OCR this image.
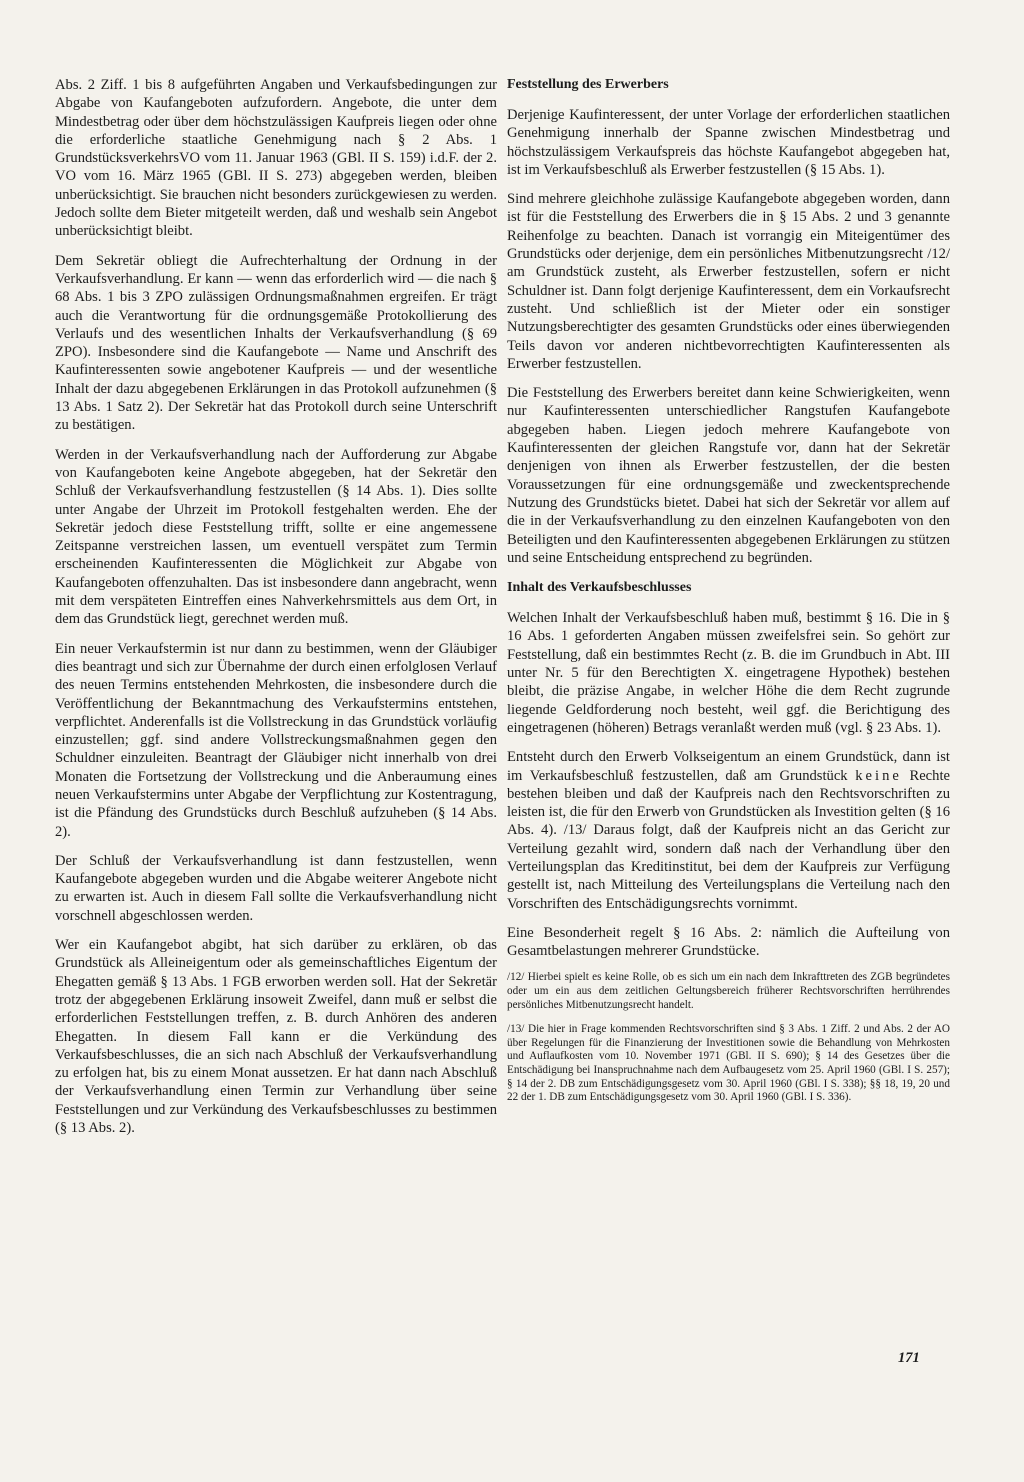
Abs. 2 Ziff. 1 bis 8 aufgeführten Angaben und Verkaufsbedingungen zur Abgabe von Kaufangeboten aufzufordern. Angebote, die unter dem Mindestbetrag oder über dem höchstzulässigen Kaufpreis liegen oder ohne die erforderliche staatliche Genehmigung nach § 2 Abs. 1 GrundstücksverkehrsVO vom 11. Januar 1963 (GBl. II S. 159) i.d.F. der 2. VO vom 16. März 1965 (GBl. II S. 273) abgegeben werden, bleiben unberücksichtigt. Sie brauchen nicht besonders zurückgewiesen zu werden. Jedoch sollte dem Bieter mitgeteilt werden, daß und weshalb sein Angebot unberücksichtigt bleibt.

Dem Sekretär obliegt die Aufrechterhaltung der Ordnung in der Verkaufsverhandlung. Er kann — wenn das erforderlich wird — die nach § 68 Abs. 1 bis 3 ZPO zulässigen Ordnungsmaßnahmen ergreifen. Er trägt auch die Verantwortung für die ordnungsgemäße Protokollierung des Verlaufs und des wesentlichen Inhalts der Verkaufsverhandlung (§ 69 ZPO). Insbesondere sind die Kaufangebote — Name und Anschrift des Kaufinteressenten sowie angebotener Kaufpreis — und der wesentliche Inhalt der dazu abgegebenen Erklärungen in das Protokoll aufzunehmen (§ 13 Abs. 1 Satz 2). Der Sekretär hat das Protokoll durch seine Unterschrift zu bestätigen.

Werden in der Verkaufsverhandlung nach der Aufforderung zur Abgabe von Kaufangeboten keine Angebote abgegeben, hat der Sekretär den Schluß der Verkaufsverhandlung festzustellen (§ 14 Abs. 1). Dies sollte unter Angabe der Uhrzeit im Protokoll festgehalten werden. Ehe der Sekretär jedoch diese Feststellung trifft, sollte er eine angemessene Zeitspanne verstreichen lassen, um eventuell verspätet zum Termin erscheinenden Kaufinteressenten die Möglichkeit zur Abgabe von Kaufangeboten offenzuhalten. Das ist insbesondere dann angebracht, wenn mit dem verspäteten Eintreffen eines Nahverkehrsmittels aus dem Ort, in dem das Grundstück liegt, gerechnet werden muß.

Ein neuer Verkaufstermin ist nur dann zu bestimmen, wenn der Gläubiger dies beantragt und sich zur Übernahme der durch einen erfolglosen Verlauf des neuen Termins entstehenden Mehrkosten, die insbesondere durch die Veröffentlichung der Bekanntmachung des Verkaufstermins entstehen, verpflichtet. Anderenfalls ist die Vollstreckung in das Grundstück vorläufig einzustellen; ggf. sind andere Vollstreckungsmaßnahmen gegen den Schuldner einzuleiten. Beantragt der Gläubiger nicht innerhalb von drei Monaten die Fortsetzung der Vollstreckung und die Anberaumung eines neuen Verkaufstermins unter Abgabe der Verpflichtung zur Kostentragung, ist die Pfändung des Grundstücks durch Beschluß aufzuheben (§ 14 Abs. 2).

Der Schluß der Verkaufsverhandlung ist dann festzustellen, wenn Kaufangebote abgegeben wurden und die Abgabe weiterer Angebote nicht zu erwarten ist. Auch in diesem Fall sollte die Verkaufsverhandlung nicht vorschnell abgeschlossen werden.

Wer ein Kaufangebot abgibt, hat sich darüber zu erklären, ob das Grundstück als Alleineigentum oder als gemeinschaftliches Eigentum der Ehegatten gemäß § 13 Abs. 1 FGB erworben werden soll. Hat der Sekretär trotz der abgegebenen Erklärung insoweit Zweifel, dann muß er selbst die erforderlichen Feststellungen treffen, z. B. durch Anhören des anderen Ehegatten. In diesem Fall kann er die Verkündung des Verkaufsbeschlusses, die an sich nach Abschluß der Verkaufsverhandlung zu erfolgen hat, bis zu einem Monat aussetzen. Er hat dann nach Abschluß der Verkaufsverhandlung einen Termin zur Verhandlung über seine Feststellungen und zur Verkündung des Verkaufsbeschlusses zu bestimmen (§ 13 Abs. 2).

Feststellung des Erwerbers

Derjenige Kaufinteressent, der unter Vorlage der erforderlichen staatlichen Genehmigung innerhalb der Spanne zwischen Mindestbetrag und höchstzulässigem Verkaufspreis das höchste Kaufangebot abgegeben hat, ist im Verkaufsbeschluß als Erwerber festzustellen (§ 15 Abs. 1).

Sind mehrere gleichhohe zulässige Kaufangebote abgegeben worden, dann ist für die Feststellung des Erwerbers die in § 15 Abs. 2 und 3 genannte Reihenfolge zu beachten. Danach ist vorrangig ein Miteigentümer des Grundstücks oder derjenige, dem ein persönliches Mitbenutzungsrecht /12/ am Grundstück zusteht, als Erwerber festzustellen, sofern er nicht Schuldner ist. Dann folgt derjenige Kaufinteressent, dem ein Vorkaufsrecht zusteht. Und schließlich ist der Mieter oder ein sonstiger Nutzungsberechtigter des gesamten Grundstücks oder eines überwiegenden Teils davon vor anderen nichtbevorrechtigten Kaufinteressenten als Erwerber festzustellen.

Die Feststellung des Erwerbers bereitet dann keine Schwierigkeiten, wenn nur Kaufinteressenten unterschiedlicher Rangstufen Kaufangebote abgegeben haben. Liegen jedoch mehrere Kaufangebote von Kaufinteressenten der gleichen Rangstufe vor, dann hat der Sekretär denjenigen von ihnen als Erwerber festzustellen, der die besten Voraussetzungen für eine ordnungsgemäße und zweckentsprechende Nutzung des Grundstücks bietet. Dabei hat sich der Sekretär vor allem auf die in der Verkaufsverhandlung zu den einzelnen Kaufangeboten von den Beteiligten und den Kaufinteressenten abgegebenen Erklärungen zu stützen und seine Entscheidung entsprechend zu begründen.

Inhalt des Verkaufsbeschlusses

Welchen Inhalt der Verkaufsbeschluß haben muß, bestimmt § 16. Die in § 16 Abs. 1 geforderten Angaben müssen zweifelsfrei sein. So gehört zur Feststellung, daß ein bestimmtes Recht (z. B. die im Grundbuch in Abt. III unter Nr. 5 für den Berechtigten X. eingetragene Hypothek) bestehen bleibt, die präzise Angabe, in welcher Höhe die dem Recht zugrunde liegende Geldforderung noch besteht, weil ggf. die Berichtigung des eingetragenen (höheren) Betrags veranlaßt werden muß (vgl. § 23 Abs. 1).

Entsteht durch den Erwerb Volkseigentum an einem Grundstück, dann ist im Verkaufsbeschluß festzustellen, daß am Grundstück keine Rechte bestehen bleiben und daß der Kaufpreis nach den Rechtsvorschriften zu leisten ist, die für den Erwerb von Grundstücken als Investition gelten (§ 16 Abs. 4). /13/ Daraus folgt, daß der Kaufpreis nicht an das Gericht zur Verteilung gezahlt wird, sondern daß nach der Verhandlung über den Verteilungsplan das Kreditinstitut, bei dem der Kaufpreis zur Verfügung gestellt ist, nach Mitteilung des Verteilungsplans die Verteilung nach den Vorschriften des Entschädigungsrechts vornimmt.

Eine Besonderheit regelt § 16 Abs. 2: nämlich die Aufteilung von Gesamtbelastungen mehrerer Grundstücke.

/12/ Hierbei spielt es keine Rolle, ob es sich um ein nach dem Inkrafttreten des ZGB begründetes oder um ein aus dem zeitlichen Geltungsbereich früherer Rechtsvorschriften herrührendes persönliches Mitbenutzungsrecht handelt.

/13/ Die hier in Frage kommenden Rechtsvorschriften sind § 3 Abs. 1 Ziff. 2 und Abs. 2 der AO über Regelungen für die Finanzierung der Investitionen sowie die Behandlung von Mehrkosten und Auflaufkosten vom 10. November 1971 (GBl. II S. 690); § 14 des Gesetzes über die Entschädigung bei Inanspruchnahme nach dem Aufbaugesetz vom 25. April 1960 (GBl. I S. 257); § 14 der 2. DB zum Entschädigungsgesetz vom 30. April 1960 (GBl. I S. 338); §§ 18, 19, 20 und 22 der 1. DB zum Entschädigungsgesetz vom 30. April 1960 (GBl. I S. 336).

171
